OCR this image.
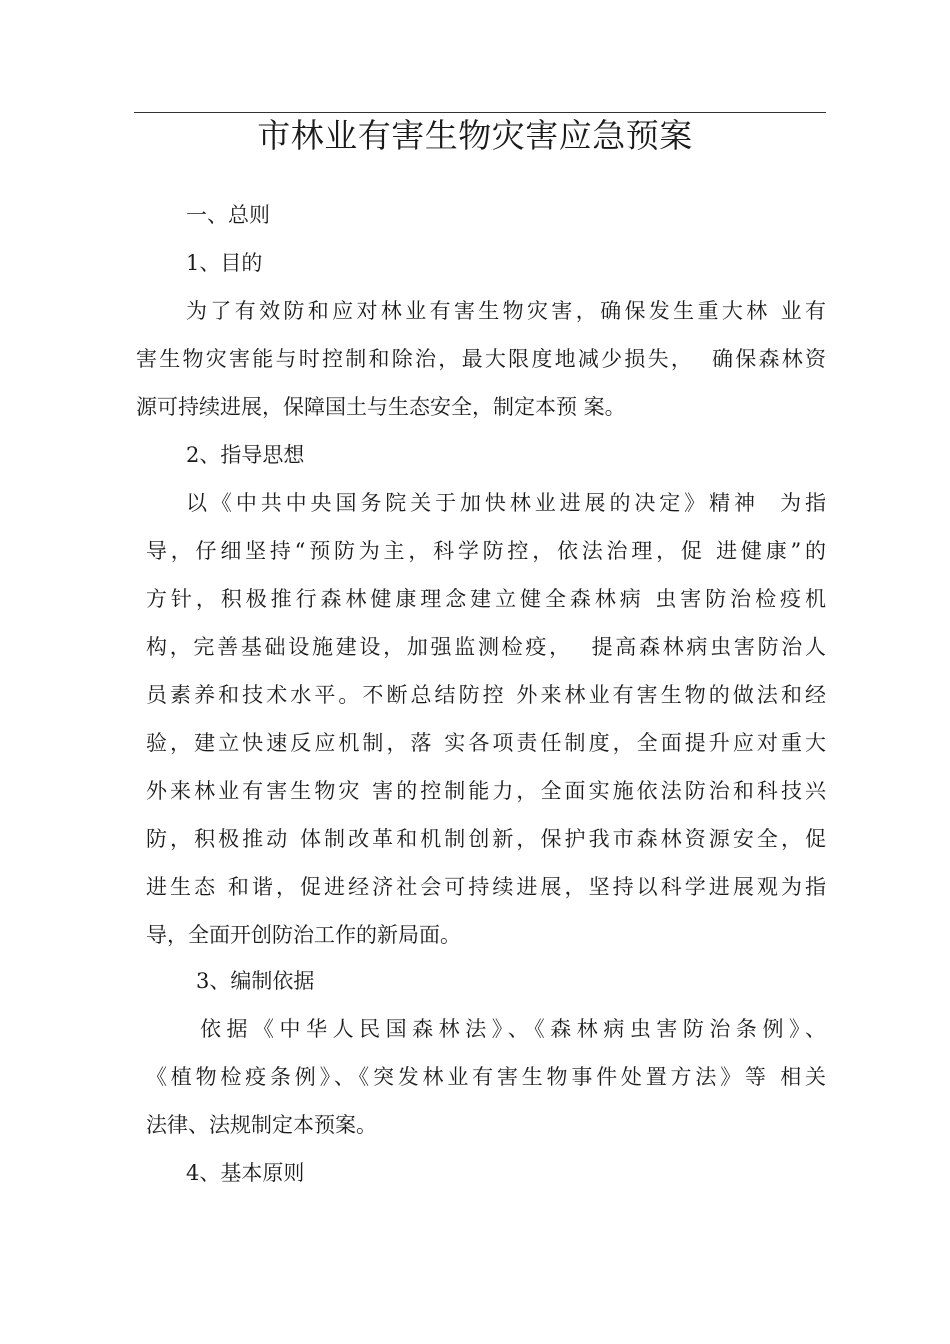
市林业有害生物灾害应急预案
一、总则
1、目的
为了有效防和应对林业有害生物灾害，确保发生重大林 业有
害生物灾害能与时控制和除治，最大限度地减少损失，  确保森林资
源可持续进展，保障国土与生态安全，制定本预 案。
2、指导思想
以《中共中央国务院关于加快林业进展的决定》精神  为指
导，仔细坚持“预防为主，科学防控，依法治理，促 进健康”的
方针，积极推行森林健康理念建立健全森林病 虫害防治检疫机
构，完善基础设施建设，加强监测检疫，  提高森林病虫害防治人
员素养和技术水平。不断总结防控 外来林业有害生物的做法和经
验，建立快速反应机制，落 实各项责任制度，全面提升应对重大
外来林业有害生物灾 害的控制能力，全面实施依法防治和科技兴
防，积极推动 体制改革和机制创新，保护我市森林资源安全，促
进生态 和谐，促进经济社会可持续进展，坚持以科学进展观为指
导，全面开创防治工作的新局面。
3、编制依据
依据《中华人民国森林法》、《森林病虫害防治条例》、
《植物检疫条例》、《突发林业有害生物事件处置方法》等 相关
法律、法规制定本预案。
4、基本原则
